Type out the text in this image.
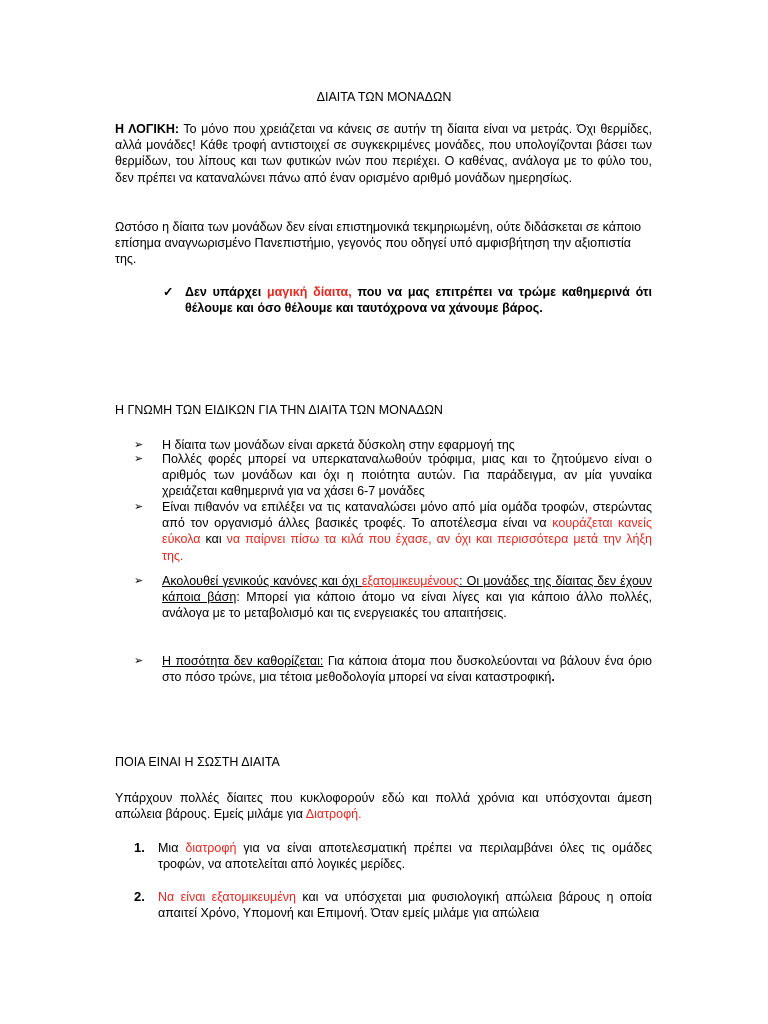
ΔΙΑΙΤΑ ΤΩΝ ΜΟΝΑΔΩΝ

Η ΛΟΓΙΚΗ: Το μόνο που χρειάζεται να κάνεις σε αυτήν τη δίαιτα είναι να μετράς. Όχι θερμίδες, αλλά μονάδες! Κάθε τροφή αντιστοιχεί σε συγκεκριμένες μονάδες, που υπολογίζονται βάσει των θερμίδων, του λίπους και των φυτικών ινών που περιέχει. Ο καθένας, ανάλογα με το φύλο του, δεν πρέπει να καταναλώνει πάνω από έναν ορισμένο αριθμό μονάδων ημερησίως.

Ωστόσο η δίαιτα των μονάδων δεν είναι επιστημονικά τεκμηριωμένη, ούτε διδάσκεται σε κάποιο επίσημα αναγνωρισμένο Πανεπιστήμιο, γεγονός που οδηγεί υπό αμφισβήτηση την αξιοπιστία της.

✓ Δεν υπάρχει μαγική δίαιτα, που να μας επιτρέπει να τρώμε καθημερινά ότι θέλουμε και όσο θέλουμε και ταυτόχρονα να χάνουμε βάρος.

Η ΓΝΩΜΗ ΤΩΝ ΕΙΔΙΚΩΝ ΓΙΑ ΤΗΝ ΔΙΑΙΤΑ ΤΩΝ ΜΟΝΑΔΩΝ

➢ Η δίαιτα των μονάδων είναι αρκετά δύσκολη στην εφαρμογή της
➢ Πολλές φορές μπορεί να υπερκαταναλωθούν τρόφιμα, μιας και το ζητούμενο είναι ο αριθμός των μονάδων και όχι η ποιότητα αυτών. Για παράδειγμα, αν μία γυναίκα χρειάζεται καθημερινά για να χάσει 6-7 μονάδες
➢ Είναι πιθανόν να επιλέξει να τις καταναλώσει μόνο από μία ομάδα τροφών, στερώντας από τον οργανισμό άλλες βασικές τροφές. Το αποτέλεσμα είναι να κουράζεται κανείς εύκολα και να παίρνει πίσω τα κιλά που έχασε, αν όχι και περισσότερα μετά την λήξη της.
➢ Ακολουθεί γενικούς κανόνες και όχι εξατομικευμένους: Οι μονάδες της δίαιτας δεν έχουν κάποια βάση: Μπορεί για κάποιο άτομο να είναι λίγες και για κάποιο άλλο πολλές, ανάλογα με το μεταβολισμό και τις ενεργειακές του απαιτήσεις.
➢ Η ποσότητα δεν καθορίζεται: Για κάποια άτομα που δυσκολεύονται να βάλουν ένα όριο στο πόσο τρώνε, μια τέτοια μεθοδολογία μπορεί να είναι καταστροφική.

ΠΟΙΑ ΕΙΝΑΙ Η ΣΩΣΤΗ ΔΙΑΙΤΑ

Υπάρχουν πολλές δίαιτες που κυκλοφορούν εδώ και πολλά χρόνια και υπόσχονται άμεση απώλεια βάρους. Εμείς μιλάμε για Διατροφή.

1. Μια διατροφή για να είναι αποτελεσματική πρέπει να περιλαμβάνει όλες τις ομάδες τροφών, να αποτελείται από λογικές μερίδες.
2. Να είναι εξατομικευμένη και να υπόσχεται μια φυσιολογική απώλεια βάρους η οποία απαιτεί Χρόνο, Υπομονή και Επιμονή. Όταν εμείς μιλάμε για απώλεια
